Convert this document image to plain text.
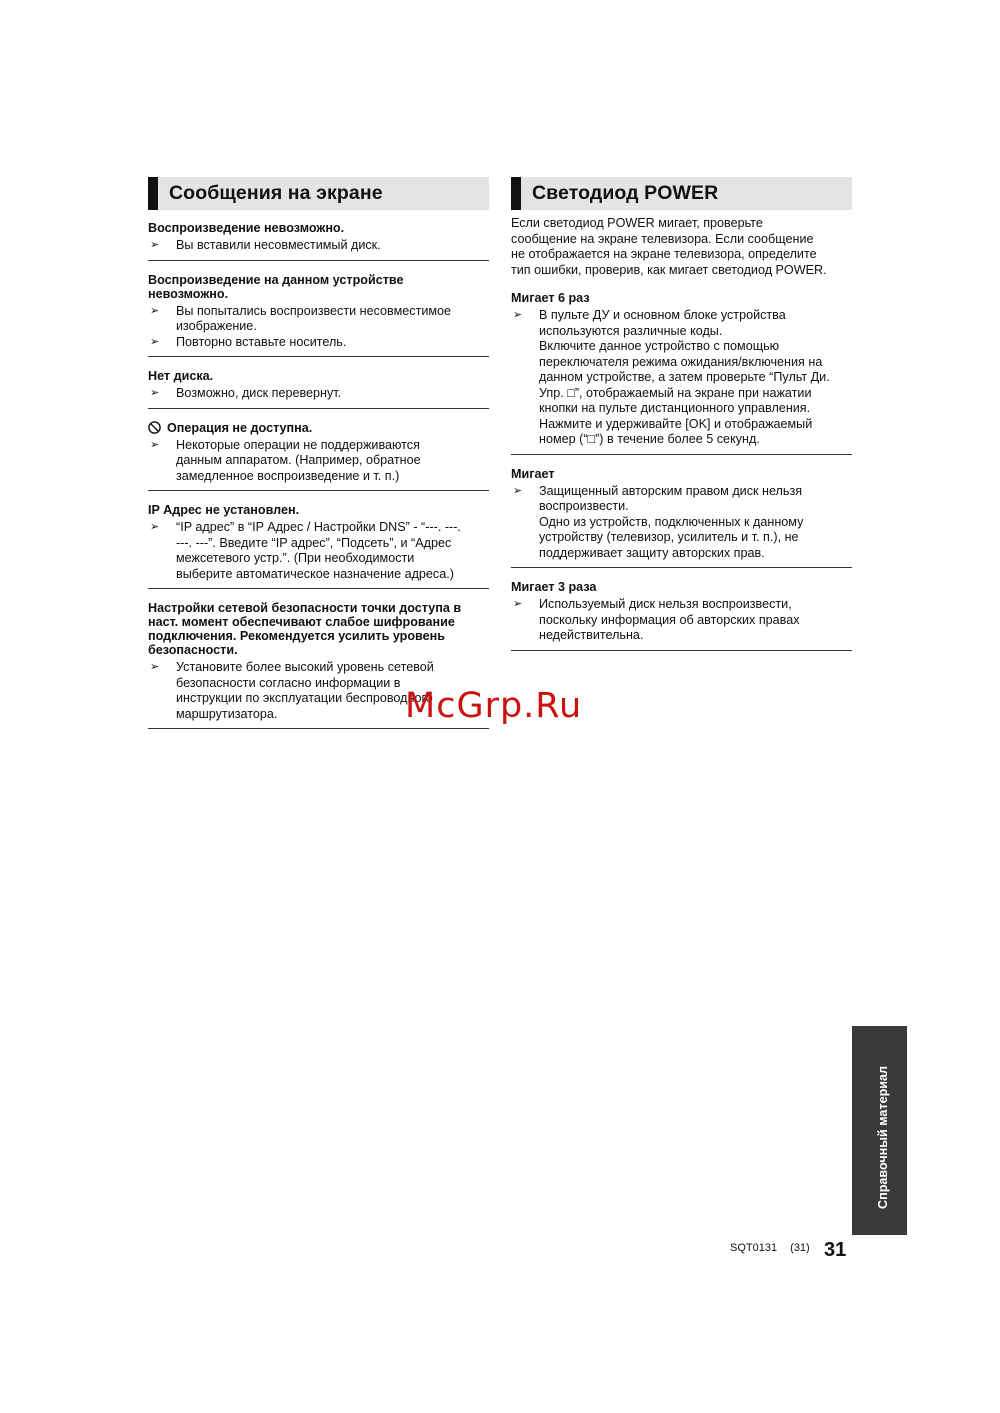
Сообщения на экране
Воспроизведение невозможно.
➢ Вы вставили несовместимый диск.
Воспроизведение на данном устройстве
невозможно.
➢ Вы попытались воспроизвести несовместимое
изображение.
➢ Повторно вставьте носитель.
Нет диска.
➢ Возможно, диск перевернут.
Операция не доступна.
➢ Некоторые операции не поддерживаются
данным аппаратом. (Например, обратное
замедленное воспроизведение и т. п.)
IP Адрес не установлен.
➢ “IP адрес” в “IP Адрес / Настройки DNS” - “---. ---.
---. ---”. Введите “IP адрес”, “Подсеть”, и “Адрес
межсетевого устр.”. (При необходимости
выберите автоматическое назначение адреса.)
Настройки сетевой безопасности точки доступа в
наст. момент обеспечивают слабое шифрование
подключения. Рекомендуется усилить уровень
безопасности.
➢ Установите более высокий уровень сетевой
безопасности согласно информации в
инструкции по эксплуатации беспроводного
маршрутизатора.
Светодиод POWER
Если светодиод POWER мигает, проверьте
сообщение на экране телевизора. Если сообщение
не отображается на экране телевизора, определите
тип ошибки, проверив, как мигает светодиод POWER.
Мигает 6 раз
➢ В пульте ДУ и основном блоке устройства
используются различные коды.
Включите данное устройство с помощью
переключателя режима ожидания/включения на
данном устройстве, а затем проверьте “Пульт Ди.
Упр. □”, отображаемый на экране при нажатии
кнопки на пульте дистанционного управления.
Нажмите и удерживайте [OK] и отображаемый
номер (“□”) в течение более 5 секунд.
Мигает
➢ Защищенный авторским правом диск нельзя
воспроизвести.
Одно из устройств, подключенных к данному
устройству (телевизор, усилитель и т. п.), не
поддерживает защиту авторских прав.
Мигает 3 раза
➢ Используемый диск нельзя воспроизвести,
поскольку информация об авторских правах
недействительна.
McGrp.Ru
Справочный материал
SQT0131 (31) 31
